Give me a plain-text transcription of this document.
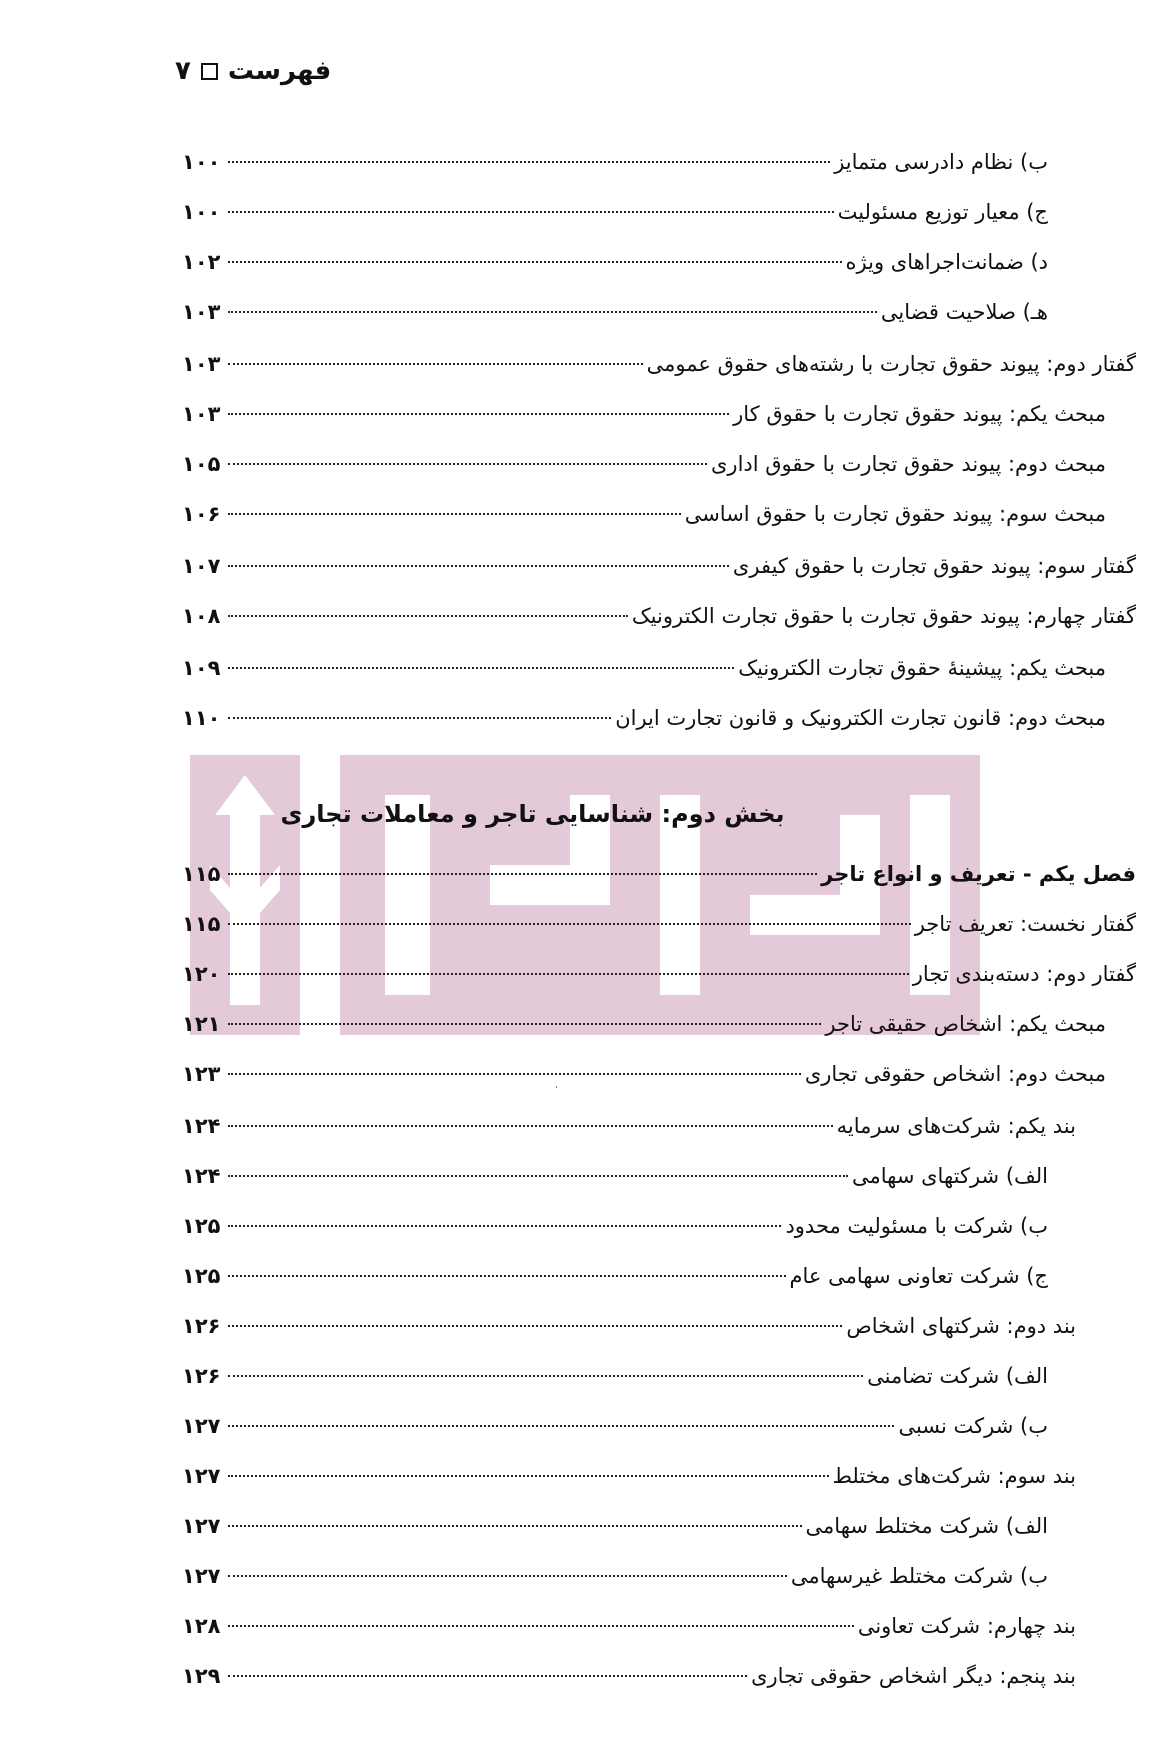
فهرست
۷
ب) نظام دادرسی متمایز
۱۰۰
ج) معیار توزیع مسئولیت
۱۰۰
د) ضمانت‌اجراهای ویژه
۱۰۲
هـ) صلاحیت قضایی
۱۰۳
گفتار دوم: پیوند حقوق تجارت با رشته‌های حقوق عمومی
۱۰۳
مبحث یکم: پیوند حقوق تجارت با حقوق کار
۱۰۳
مبحث دوم: پیوند حقوق تجارت با حقوق اداری
۱۰۵
مبحث سوم: پیوند حقوق تجارت با حقوق اساسی
۱۰۶
گفتار سوم: پیوند حقوق تجارت با حقوق کیفری
۱۰۷
گفتار چهارم: پیوند حقوق تجارت با حقوق تجارت الکترونیک
۱۰۸
مبحث یکم: پیشینهٔ حقوق تجارت الکترونیک
۱۰۹
مبحث دوم: قانون تجارت الکترونیک و قانون تجارت ایران
۱۱۰
بخش دوم: شناسایی تاجر و معاملات تجاری
فصل یکم - تعریف و انواع تاجر
۱۱۵
گفتار نخست: تعریف تاجر
۱۱۵
گفتار دوم: دسته‌بندی تجار
۱۲۰
مبحث یکم: اشخاص حقیقی تاجر
۱۲۱
مبحث دوم: اشخاص حقوقی تجاری
۱۲۳
بند یکم: شرکت‌های سرمایه
۱۲۴
الف) شرکتهای سهامی
۱۲۴
ب) شرکت با مسئولیت محدود
۱۲۵
ج) شرکت تعاونی سهامی عام
۱۲۵
بند دوم: شرکتهای اشخاص
۱۲۶
الف) شرکت تضامنی
۱۲۶
ب) شرکت نسبی
۱۲۷
بند سوم: شرکت‌های مختلط
۱۲۷
الف) شرکت مختلط سهامی
۱۲۷
ب) شرکت مختلط غیرسهامی
۱۲۷
بند چهارم: شرکت تعاونی
۱۲۸
بند پنجم: دیگر اشخاص حقوقی تجاری
۱۲۹
